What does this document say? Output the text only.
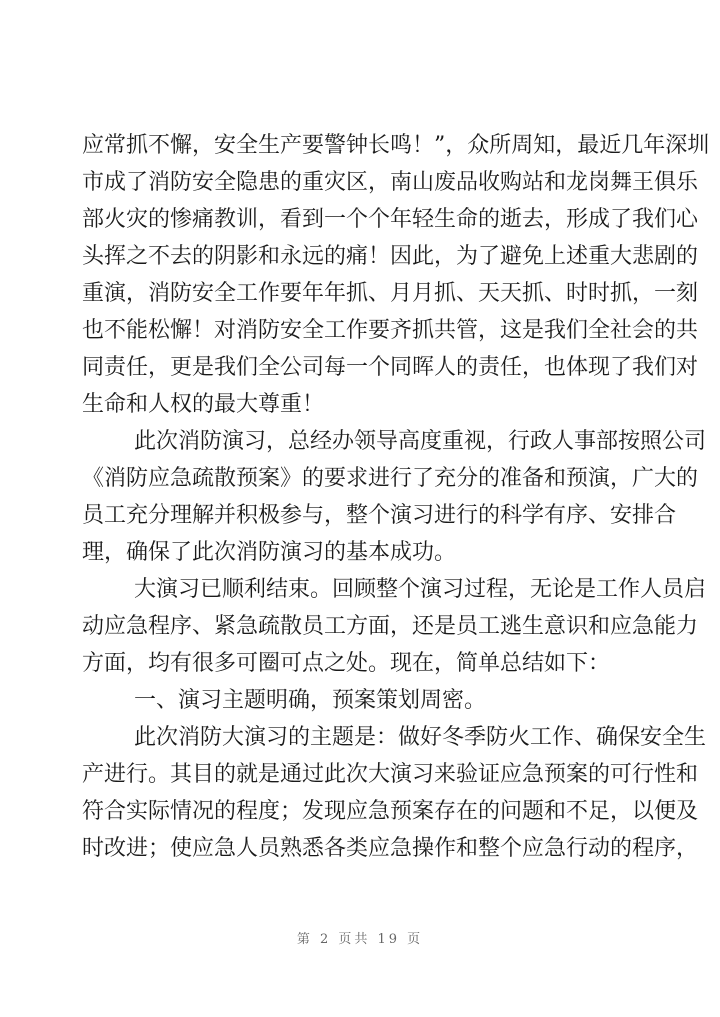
应常抓不懈，安全生产要警钟长鸣！”，众所周知，最近几年深圳
市成了消防安全隐患的重灾区，南山废品收购站和龙岗舞王俱乐
部火灾的惨痛教训，看到一个个年轻生命的逝去，形成了我们心
头挥之不去的阴影和永远的痛！因此，为了避免上述重大悲剧的
重演，消防安全工作要年年抓、月月抓、天天抓、时时抓，一刻
也不能松懈！对消防安全工作要齐抓共管，这是我们全社会的共
同责任，更是我们全公司每一个同晖人的责任，也体现了我们对
生命和人权的最大尊重！
此次消防演习，总经办领导高度重视，行政人事部按照公司
《消防应急疏散预案》的要求进行了充分的准备和预演，广大的
员工充分理解并积极参与，整个演习进行的科学有序、安排合
理，确保了此次消防演习的基本成功。
大演习已顺利结束。回顾整个演习过程，无论是工作人员启
动应急程序、紧急疏散员工方面，还是员工逃生意识和应急能力
方面，均有很多可圈可点之处。现在，简单总结如下：
一、演习主题明确，预案策划周密。
此次消防大演习的主题是：做好冬季防火工作、确保安全生
产进行。其目的就是通过此次大演习来验证应急预案的可行性和
符合实际情况的程度；发现应急预案存在的问题和不足，以便及
时改进；使应急人员熟悉各类应急操作和整个应急行动的程序，
第 2 页共 19 页
